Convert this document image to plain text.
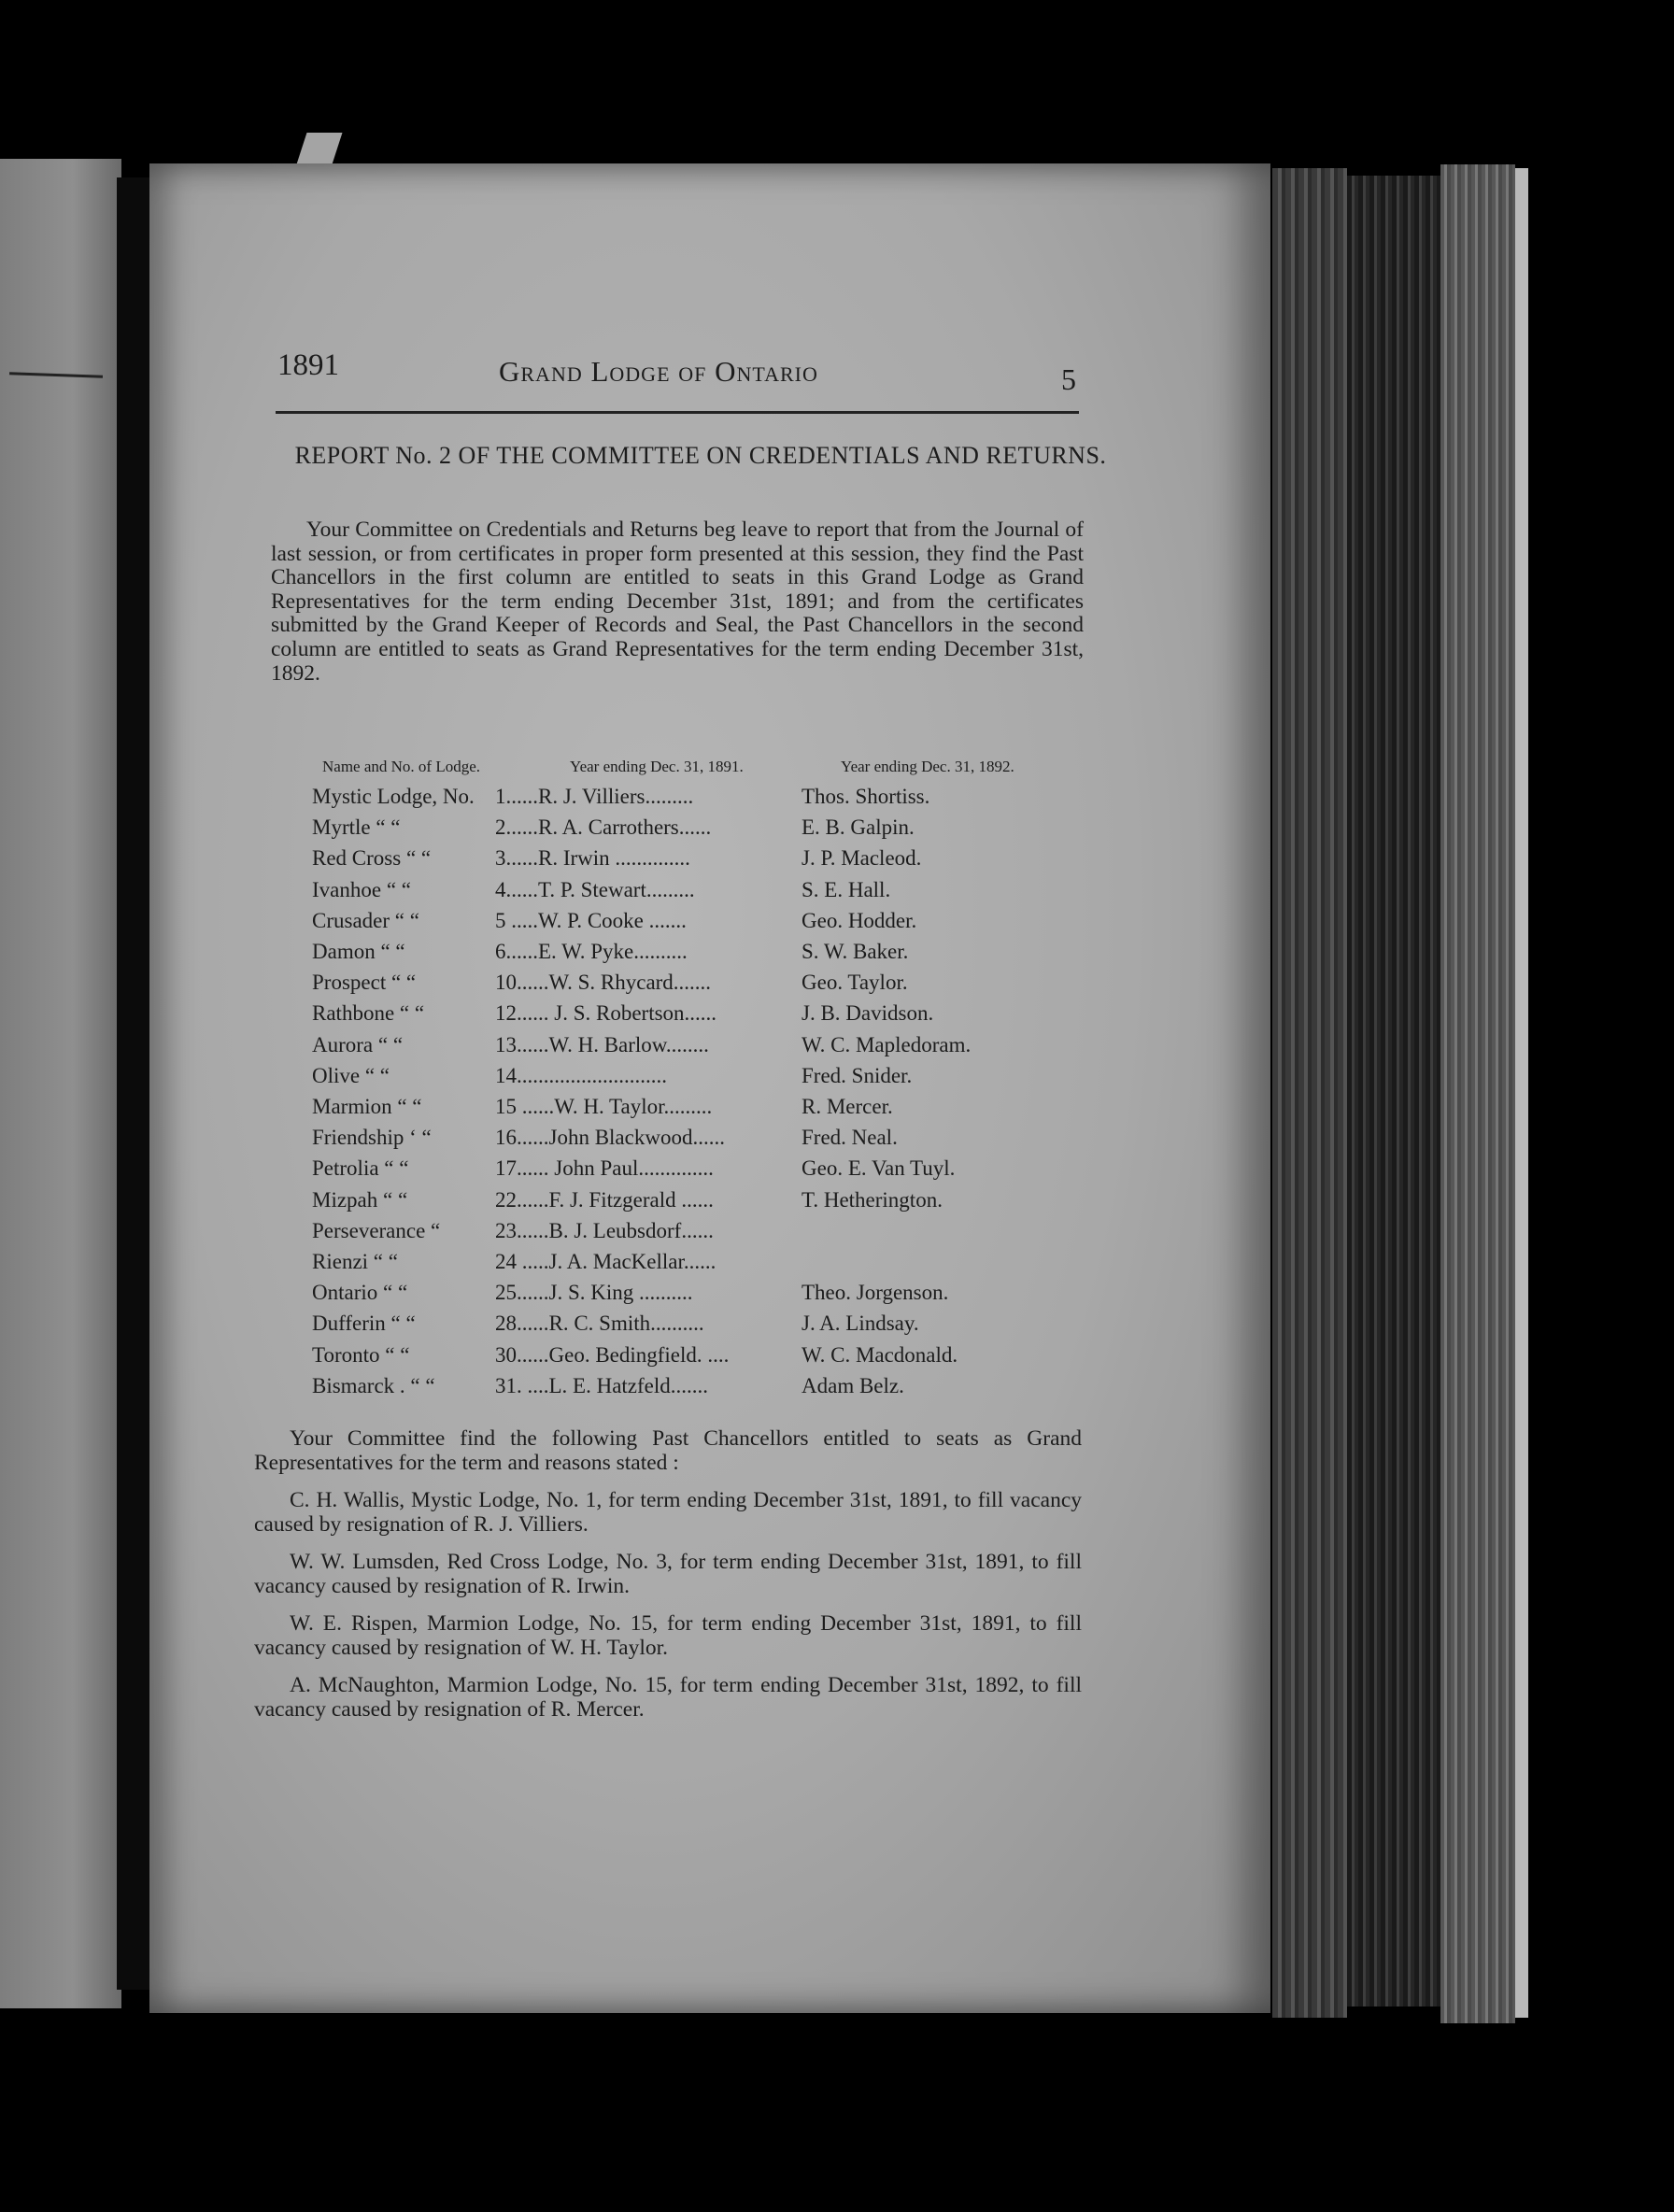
1891	Grand Lodge of Ontario	5
REPORT No. 2 OF THE COMMITTEE ON CREDENTIALS AND RETURNS.
Your Committee on Credentials and Returns beg leave to report that from the Journal of last session, or from certificates in proper form presented at this session, they find the Past Chancellors in the first column are entitled to seats in this Grand Lodge as Grand Representatives for the term ending December 31st, 1891; and from the certificates submitted by the Grand Keeper of Records and Seal, the Past Chancellors in the second column are entitled to seats as Grand Representatives for the term ending December 31st, 1892.
Name and No. of Lodge.	Year ending Dec. 31, 1891.	Year ending Dec. 31, 1892.
Mystic Lodge, No. 1......R. J. Villiers.........	Thos. Shortiss.
Myrtle “ “	2......R. A. Carrothers......	E. B. Galpin.
Red Cross “ “	3......R. Irwin ..............	J. P. Macleod.
Ivanhoe “ “	4......T. P. Stewart.........	S. E. Hall.
Crusader “ “	5 .....W. P. Cooke .......	Geo. Hodder.
Damon “ “	6......E. W. Pyke..........	S. W. Baker.
Prospect “ “	10......W. S. Rhycard.......	Geo. Taylor.
Rathbone “ “	12...... J. S. Robertson......	J. B. Davidson.
Aurora “ “	13......W. H. Barlow........	W. C. Mapledoram.
Olive “ “	14............................	Fred. Snider.
Marmion “ “	15 ......W. H. Taylor.........	R. Mercer.
Friendship ‘ “	16......John Blackwood......	Fred. Neal.
Petrolia “ “	17...... John Paul..............	Geo. E. Van Tuyl.
Mizpah “ “	22......F. J. Fitzgerald ......	T. Hetherington.
Perseverance “	23......B. J. Leubsdorf......
Rienzi “ “	24 .....J. A. MacKellar......
Ontario “ “	25......J. S. King ..........	Theo. Jorgenson.
Dufferin “ “	28......R. C. Smith..........	J. A. Lindsay.
Toronto “ “	30......Geo. Bedingfield. ....	W. C. Macdonald.
Bismarck . “ “	31. ....L. E. Hatzfeld.......	Adam Belz.
Your Committee find the following Past Chancellors entitled to seats as Grand Representatives for the term and reasons stated :
C. H. Wallis, Mystic Lodge, No. 1, for term ending December 31st, 1891, to fill vacancy caused by resignation of R. J. Villiers.
W. W. Lumsden, Red Cross Lodge, No. 3, for term ending December 31st, 1891, to fill vacancy caused by resignation of R. Irwin.
W. E. Rispen, Marmion Lodge, No. 15, for term ending December 31st, 1891, to fill vacancy caused by resignation of W. H. Taylor.
A. McNaughton, Marmion Lodge, No. 15, for term ending December 31st, 1892, to fill vacancy caused by resignation of R. Mercer.
